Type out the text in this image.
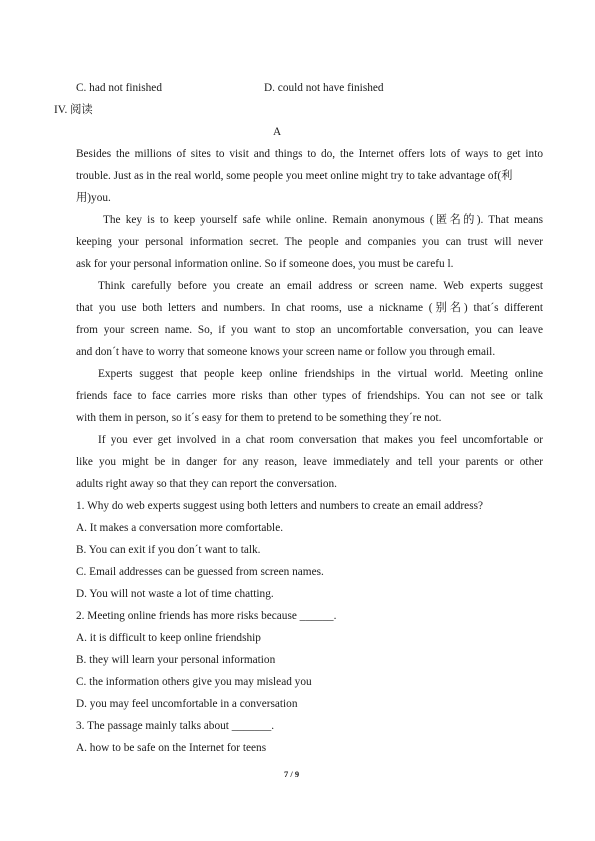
C. had not finished	D. could not have finished
IV. 阅读
A
Besides the millions of sites to visit and things to do, the Internet offers lots of ways to get into
trouble. Just as in the real world, some people you meet online might try to take advantage of(利
用)you.
The key is to keep yourself safe while online. Remain anonymous (匿名的). That means
keeping your personal information secret. The people and companies you can trust will never
ask for your personal information online. So if someone does, you must be carefu l.
Think carefully before you create an email address or screen name. Web experts suggest
that you use both letters and numbers. In chat rooms, use a nickname (别名) that´s different
from your screen name. So, if you want to stop an uncomfortable conversation, you can leave
and don´t have to worry that someone knows your screen name or follow you through email.
Experts suggest that people keep online friendships in the virtual world. Meeting online
friends face to face carries more risks than other types of friendships. You can not see or talk
with them in person, so it´s easy for them to pretend to be something they´re not.
If you ever get involved in a chat room conversation that makes you feel uncomfortable or
like you might be in danger for any reason, leave immediately and tell your parents or other
adults right away so that they can report the conversation.
1. Why do web experts suggest using both letters and numbers to create an email address?
A. It makes a conversation more comfortable.
B. You can exit if you don´t want to talk.
C. Email addresses can be guessed from screen names.
D. You will not waste a lot of time chatting.
2. Meeting online friends has more risks because ______.
A. it is difficult to keep online friendship
B. they will learn your personal information
C. the information others give you may mislead you
D. you may feel uncomfortable in a conversation
3. The passage mainly talks about _______.
A. how to be safe on the Internet for teens
7 / 9
